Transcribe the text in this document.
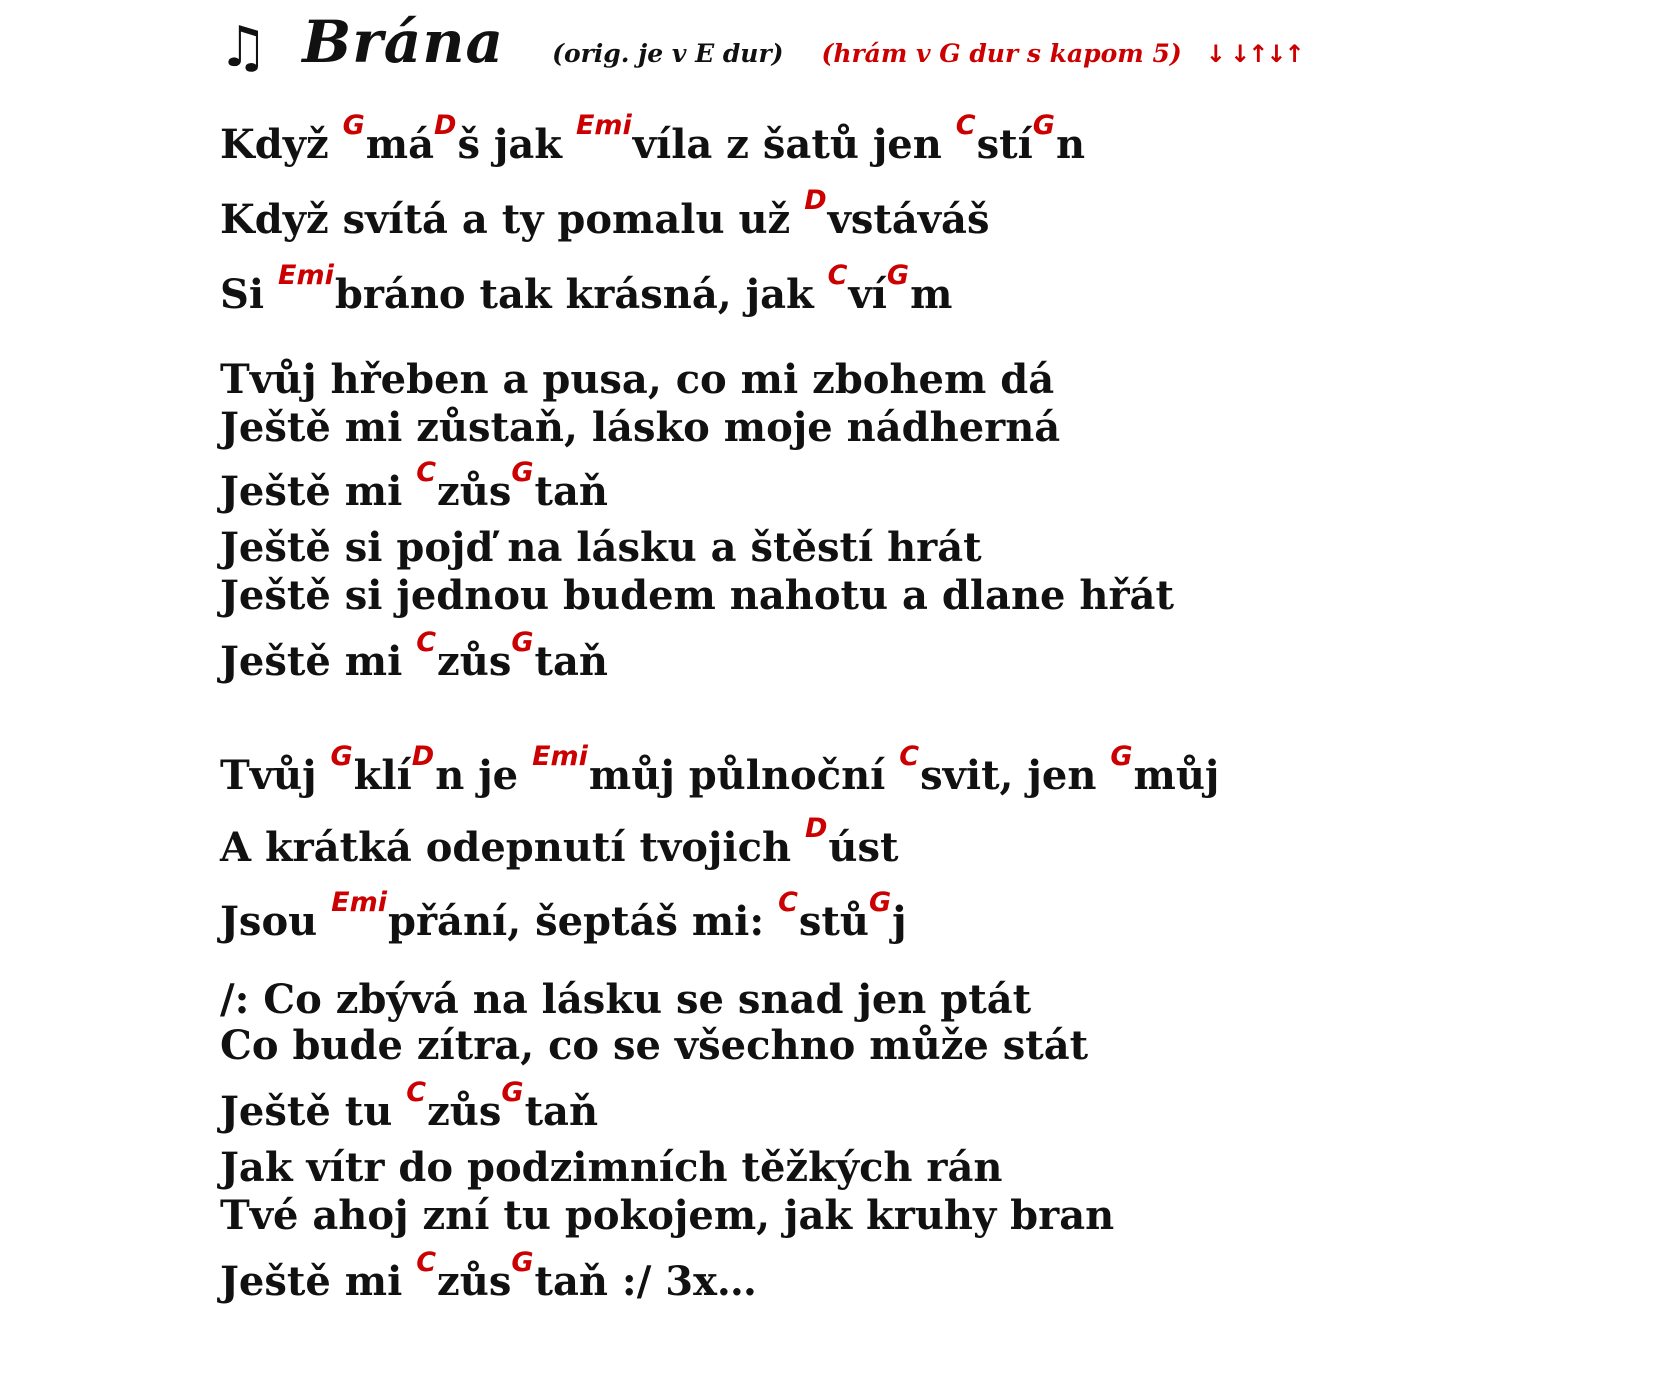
♫ Brána (orig. je v E dur) (hrám v G dur s kapom 5) ↓ ↓↑↓↑
Když $^Gmá^Dš$ jak $^{Emi}$víla z šatů jen $^C$stí$^G$n
Když svítá a ty pomalu už $^D$vstáváš
Si $^{Emi}$bráno tak krásná, jak $^Cví^Gm$
Tvůj hřeben a pusa, co mi zbohem dá
Ještě mi zůstaň, lásko moje nádherná
Ještě mi $^C$zůs$^G$taň
Ještě si pojď na lásku a štěstí hrát
Ještě si jednou budem nahotu a dlane hřát
Ještě mi $^C$zůs$^G$taň
Tvůj $^G$klí$^D$n je $^{Emi}$můj půlnoční $^C$svit, jen $^G$můj
A krátká odepnutí tvojich $^D$úst
Jsou $^{Emi}$přání, šeptáš mi: $^C$stů$^G$j
/: Co zbývá na lásku se snad jen ptát
Co bude zítra, co se všechno může stát
Ještě tu $^C$zůs$^G$taň
Jak vítr do podzimních těžkých rán
Tvé ahoj zní tu pokojem, jak kruhy bran
Ještě mi $^C$zůs$^G$taň :/ 3x…
